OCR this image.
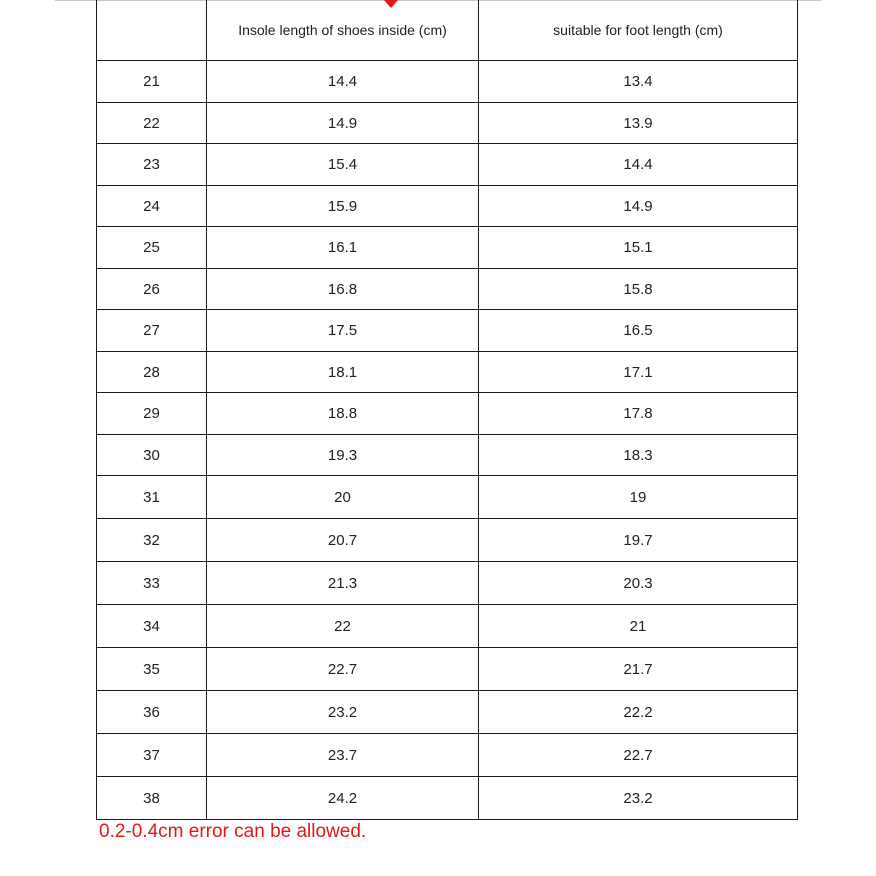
	Insole length of shoes inside (cm)	suitable for foot length (cm)
21	14.4	13.4
22	14.9	13.9
23	15.4	14.4
24	15.9	14.9
25	16.1	15.1
26	16.8	15.8
27	17.5	16.5
28	18.1	17.1
29	18.8	17.8
30	19.3	18.3
31	20	19
32	20.7	19.7
33	21.3	20.3
34	22	21
35	22.7	21.7
36	23.2	22.2
37	23.7	22.7
38	24.2	23.2
0.2-0.4cm error can be allowed.
